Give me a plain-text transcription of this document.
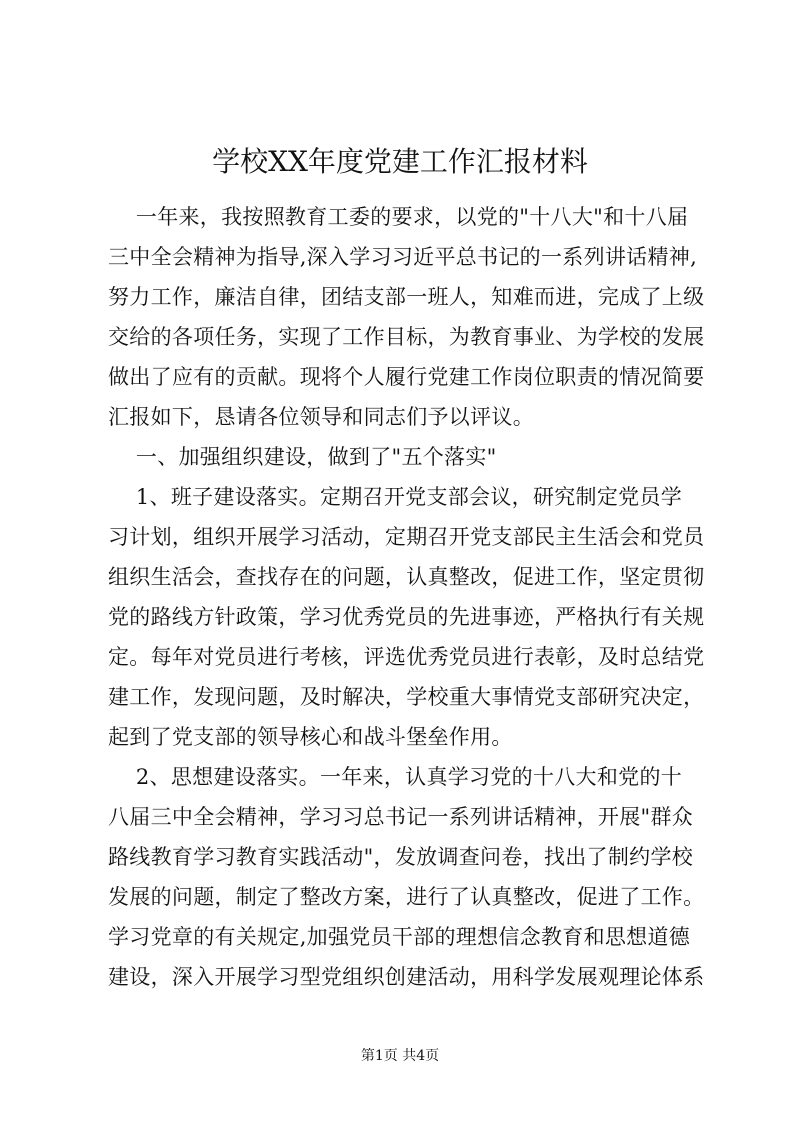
学校XX年度党建工作汇报材料
一年来，我按照教育工委的要求，以党的"十八大"和十八届
三中全会精神为指导,深入学习习近平总书记的一系列讲话精神,
努力工作，廉洁自律，团结支部一班人，知难而进，完成了上级
交给的各项任务，实现了工作目标，为教育事业、为学校的发展
做出了应有的贡献。现将个人履行党建工作岗位职责的情况简要
汇报如下，恳请各位领导和同志们予以评议。
一、加强组织建设，做到了"五个落实"
1、班子建设落实。定期召开党支部会议，研究制定党员学
习计划，组织开展学习活动，定期召开党支部民主生活会和党员
组织生活会，查找存在的问题，认真整改，促进工作，坚定贯彻
党的路线方针政策，学习优秀党员的先进事迹，严格执行有关规
定。每年对党员进行考核，评选优秀党员进行表彰，及时总结党
建工作，发现问题，及时解决，学校重大事情党支部研究决定，
起到了党支部的领导核心和战斗堡垒作用。
2、思想建设落实。一年来，认真学习党的十八大和党的十
八届三中全会精神，学习习总书记一系列讲话精神，开展"群众
路线教育学习教育实践活动"，发放调查问卷，找出了制约学校
发展的问题，制定了整改方案，进行了认真整改，促进了工作。
学习党章的有关规定,加强党员干部的理想信念教育和思想道德
建设，深入开展学习型党组织创建活动，用科学发展观理论体系
第1页 共4页
